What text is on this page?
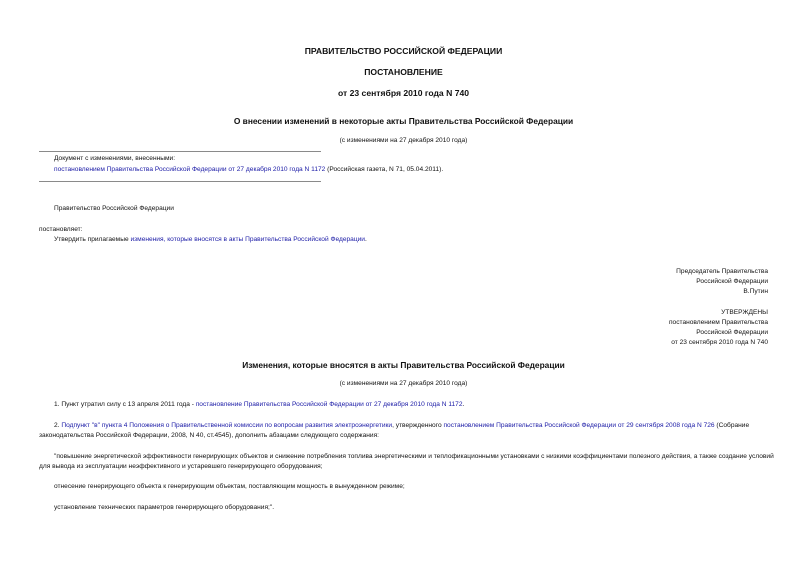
ПРАВИТЕЛЬСТВО РОССИЙСКОЙ ФЕДЕРАЦИИ
ПОСТАНОВЛЕНИЕ
от 23 сентября 2010 года N 740
О внесении изменений в некоторые акты Правительства Российской Федерации
(с изменениями на 27 декабря 2010 года)
Документ с изменениями, внесенными:
постановлением Правительства Российской Федерации от 27 декабря 2010 года N 1172 (Российская газета, N 71, 05.04.2011).
Правительство Российской Федерации
постановляет:
Утвердить прилагаемые изменения, которые вносятся в акты Правительства Российской Федерации.
Председатель Правительства
Российской Федерации
В.Путин
УТВЕРЖДЕНЫ
постановлением Правительства
Российской Федерации
от 23 сентября 2010 года N 740
Изменения, которые вносятся в акты Правительства Российской Федерации
(с изменениями на 27 декабря 2010 года)
1. Пункт утратил силу с 13 апреля 2011 года - постановление Правительства Российской Федерации от 27 декабря 2010 года N 1172.
2. Подпункт "в" пункта 4 Положения о Правительственной комиссии по вопросам развития электроэнергетики, утвержденного постановлением Правительства Российской Федерации от 29 сентября 2008 года N 726 (Собрание законодательства Российской Федерации, 2008, N 40, ст.4545), дополнить абзацами следующего содержания:
"повышение энергетической эффективности генерирующих объектов и снижение потребления топлива энергетическими и теплофикационными установками с низкими коэффициентами полезного действия, а также создание условий для вывода из эксплуатации неэффективного и устаревшего генерирующего оборудования;
отнесение генерирующего объекта к генерирующим объектам, поставляющим мощность в вынужденном режиме;
установление технических параметров генерирующего оборудования;".
